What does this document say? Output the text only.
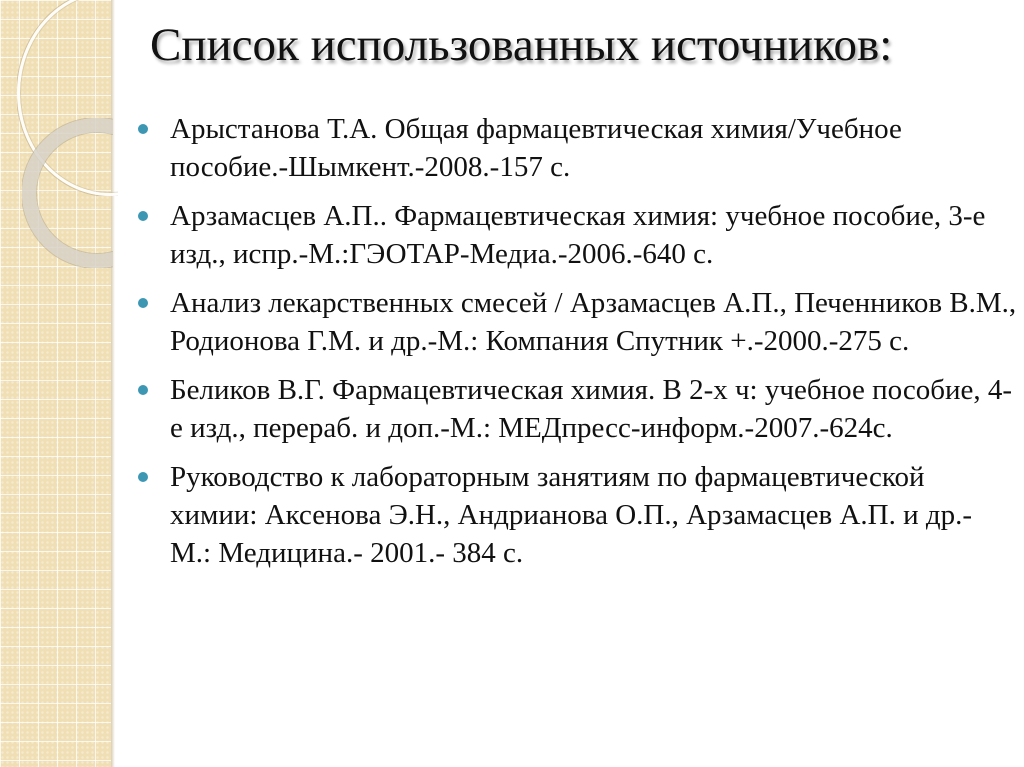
Список использованных источников:
Арыстанова Т.А. Общая фармацевтическая химия/Учебное пособие.-Шымкент.-2008.-157 с.
Арзамасцев А.П.. Фармацевтическая химия: учебное пособие, 3-е изд., испр.-М.:ГЭОТАР-Медиа.-2006.-640 с.
Анализ лекарственных смесей / Арзамасцев А.П., Печенников В.М., Родионова Г.М. и др.-М.: Компания Спутник +.-2000.-275 с.
Беликов В.Г. Фармацевтическая химия. В 2-х ч: учебное пособие, 4-е изд., перераб. и доп.-М.: МЕДпресс-информ.-2007.-624с.
Руководство к лабораторным занятиям по фармацевтической химии: Аксенова Э.Н., Андрианова О.П., Арзамасцев А.П. и др.- М.: Медицина.- 2001.- 384 с.
